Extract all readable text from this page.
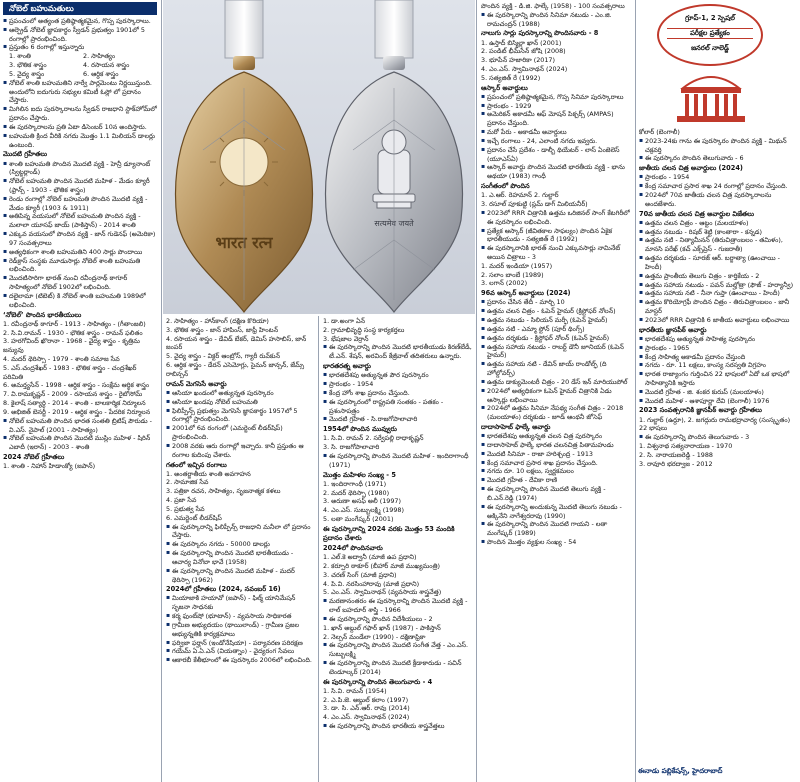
నోబెల్ బహుమతులు
▪ ప్రపంచంలో అత్యంత ప్రతిష్ఠాత్మకమైన, గొప్ప పురస్కారాలు.
▪ ఆల్ఫ్రెడ్ నోబెల్ జ్ఞాపకార్థం స్వీడన్ ప్రభుత్వం 1901లో 5 రంగాల్లో ప్రారంభించింది.
▪ ప్రస్తుతం 6 రంగాల్లో ఇస్తున్నారు
1. శాంతి	2. సాహిత్యం
3. భౌతిక శాస్త్రం	4. రసాయన శాస్త్రం
5. వైద్య శాస్త్రం	6. ఆర్థిక శాస్త్రం
▪ నోబెల్ శాంతి బహుమతిని నార్వే పార్లమెంటు నిర్ణయిస్తుంది. అందులోని ఐదుగురు సభ్యుల కమిటీ ఓస్లో లో ప్రదానం చేస్తారు.
▪ మిగిలిన ఐదు పురస్కారాలను స్వీడన్ రాజధాని స్టాక్‌హోమ్‌లో ప్రదానం చేస్తారు.
▪ ఈ పురస్కారాలను ప్రతి ఏటా డిసెంబర్ 10న అందిస్తారు.
▪ బహుమతి క్రింద వీరికి నగదు మొత్తం 1.1 మిలియన్ డాలర్లు ఉంటుంది.
మొదటి గ్రహీతలు
▪ శాంతి బహుమతి పొందిన మొదటి వ్యక్తి - హెన్రీ డ్యూనాంట్ (స్విట్జర్లాండ్)
▪ నోబెల్ బహుమతి పొందిన మొదటి మహిళ - మేడం క్యూరీ (ఫ్రాన్స్ - 1903 - భౌతిక శాస్త్రం)
▪ రెండు రంగాల్లో నోబెల్ బహుమతి పొందిన మొదటి వ్యక్తి - మేడం క్యూరీ (1903 & 1911)
▪ అతిపిన్న వయసులో నోబెల్ బహుమతి పొందిన వ్యక్తి - మలాలా యూసఫ్ జాయ్ (పాకిస్తాన్) - 2014 శాంతి
▪ ఎక్కువ వయసులో పొందిన వ్యక్తి - జాన్ గుడెనఫ్ (అమెరికా) 97 సంవత్సరాలు
▪ అత్యధికంగా శాంతి బహుమతిని 400 సార్లు పొందాయి
▪ రెడ్‌క్రాస్ సంస్థకు మూడుసార్లు నోబెల్ శాంతి బహుమతి లభించింది.
▪ మొదటిసారిగా భారత్ నుంచి రవీంద్రనాథ్ ఠాగూర్ సాహిత్యంలో నోబెల్ 1902లో లభించింది.
▪ దలైలామా (టిబెట్) కి నోబెల్ శాంతి బహుమతి 1989లో లభించింది.
‘నోబెల్’ పొందిన భారతీయులు
1. రవీంద్రనాథ్ ఠాగూర్ - 1913 - సాహిత్యం - (గీతాంజలి)
2. సి.వి.రామన్ - 1930 - భౌతిక శాస్త్రం - రామన్ ఫలితం
3. హరగోవింద్ ఖొరానా - 1968 - వైద్య శాస్త్రం - కృత్రిమ జన్యువు
4. మదర్ థెరిస్సా - 1979 - శాంతి సమాజ సేవ
5. ఎస్.చంద్రశేఖర్ - 1983 - భౌతిక శాస్త్రం - చంద్రశేఖర్ పరిమితి
6. అమర్త్యసేన్ - 1998 - ఆర్థిక శాస్త్రం - సంక్షేమ ఆర్థిక శాస్త్రం
7. వి.రామకృష్ణన్ - 2009 - రసాయన శాస్త్రం - రైబోసోమ్
8. కైలాష్ సత్యార్థి - 2014 - శాంతి - బాలకార్మిక నిర్మూలన
9. అభిజిత్ బెనర్జీ - 2019 - ఆర్థిక శాస్త్రం - పేదరిక నిర్మూలన
▪ నోబెల్ బహుమతి పొందిన భారత సంతతి బ్రిటిష్ పౌరుడు - వి.ఎస్. నైపాల్ (2001 - సాహిత్యం)
▪ నోబెల్ బహుమతి పొందిన మొదటి ముస్లిం మహిళ - షిరిన్ ఎబాదీ (ఇరాన్) - 2003 - శాంతి
2024 నోబెల్ గ్రహీతలు
1. శాంతి - నిహాన్ హిడాంక్యో (జపాన్)
भारत रत्न
सत्यमेव जयते
2. సాహిత్యం - హాన్‌కాంగ్ (దక్షిణ కొరియా)
3. భౌతిక శాస్త్రం - జాన్ హాపింస్, జాఫ్రీ హింటన్
4. రసాయన శాస్త్రం - డేవిడ్ బేకర్, డెమిస్ హసాబిస్, జాన్ జంపర్
5. వైద్య శాస్త్రం - విక్టర్ ఆంబ్రోస్, గ్యారీ రువ్‌కున్
6. ఆర్థిక శాస్త్రం - డేరన్ ఎసెమోగ్లు, సైమన్ జాన్సన్, జేమ్స్ రాబిన్సన్
రామన్ మెగసెసే అవార్డు
▪ ఆసియా ఖండంలో అత్యున్నత పురస్కారం
▪ ఆసియా ఖండపు నోబెల్ బహుమతి
▪ ఫిలిప్పీన్స్ ప్రభుత్వం మెగసెసే జ్ఞాపకార్థం 1957లో 5 రంగాల్లో ప్రారంభించింది.
▪ 2001లో 6వ రంగంలో (ఎమర్జెంట్ లీడర్‌షిప్) ప్రారంభించింది.
▪ 2008 వరకు ఆరు రంగాల్లో ఇచ్చారు. కానీ ప్రస్తుతం ఆ రంగాల కుదింపు చేశారు.
గతంలో ఇచ్చిన రంగాలు
1. అంతర్జాతీయ శాంతి అవగాహన
2. సామాజిక సేవ
3. పత్రికా రచన, సాహిత్యం, సృజనాత్మక కళలు
4. ప్రజా సేవ
5. ప్రభుత్వ సేవ
6. ఎమర్జెంట్ లీడర్‌షిప్
▪ ఈ పురస్కారాన్ని ఫిలిప్పీన్స్ రాజధాని మనీలా లో ప్రదానం చేస్తారు.
▪ ఈ పురస్కారం నగదు - 50000 డాలర్లు
▪ ఈ పురస్కారాన్ని పొందిన మొదటి భారతీయుడు - ఆచార్య వినోబా భావే (1958)
▪ ఈ పురస్కారాన్ని పొందిన మొదటి మహిళ - మదర్ థెరిస్సా (1962)
2024లో గ్రహీతలు (2024, నవంబర్ 16)
▪ మియాజాకి హయావో (జపాన్) - ఫిల్మ్ యానిమేషన్ సృజనా సాధనకు
▪ కర్మ ఫుంట్‌షో (భూటాన్) - వ్యవసాయ సాధికారత
▪ గ్రామీణ అభ్యుదయం (థాయిలాండ్) - గ్రామీణ ప్రజల అభ్యున్నతికి కార్యక్రమాలు
▪ ఫర్విజా ఫర్హాన్ (ఇండోనేషియా) - పర్యావరణ పరిరక్షణ
▪ గయేమ్ ఏ.ఏ.ఎన్ (వియత్నాం) - వైద్యరంగ సేవలు
▪ ఆకారబీ కేతీభూంలో ఈ పురస్కారం 2006లో లభించింది.
1. డా.అంగా ఏన్
2. గ్రామాభివృద్ధి సంస్థ కార్యకర్తలు
3. భేషజాల వెర్రాన్
▪ ఈ పురస్కారాన్ని పొందిన మొదటి భారతీయుడు కిరణ్‌బేడీ, టీ.ఎన్. శేషన్, అరవింద్ కేజ్రీవాల్ తదితరులు ఉన్నారు.
భారతరత్న అవార్డు
▪ భారతదేశపు అత్యున్నత పౌర పురస్కారం
▪ ప్రారంభం - 1954
▪ కేంద్ర హోం శాఖ ప్రదానం చేస్తుంది.
▪ ఈ పురస్కారంలో రాష్ట్రపతి సంతకం - పతకం - ప్రశంసాపత్రం
▪ మొదటి గ్రహీత - సి.రాజగోపాలాచారి
1954లో పొందిన మువ్వురు
1. సి.వి. రామన్ 2. సర్వేపల్లి రాధాకృష్ణన్
3. సి. రాజగోపాలాచారి
▪ ఈ పురస్కారాన్ని పొందిన మొదటి మహిళ - ఇందిరాగాంధీ (1971)
మొత్తం మహిళల సంఖ్య - 5
1. ఇందిరాగాంధీ (1971)
2. మదర్ థెరిస్సా (1980)
3. అరుణా అసఫ్ అలీ (1997)
4. ఎం.ఎస్. సుబ్బులక్ష్మి (1998)
5. లతా మంగేష్కర్ (2001)
ఈ పురస్కారాన్ని 2024 వరకు మొత్తం 53 మందికి ప్రదానం చేశారు
2024లో పొందినవారు
1. ఎల్.కె అద్వానీ (మాజీ ఉప ప్రధాని)
2. కర్పూరి ఠాకూర్ (బీహార్ మాజీ ముఖ్యమంత్రి)
3. చరణ్ సింగ్ (మాజీ ప్రధాని)
4. పి.వి. నరసింహారావు (మాజీ ప్రధాని)
5. ఎం.ఎస్. స్వామినాథన్ (వ్యవసాయ శాస్త్రవేత్త)
▪ మరణానంతరం ఈ పురస్కారాన్ని పొందిన మొదటి వ్యక్తి - లాల్ బహదూర్ శాస్త్రి - 1966
▪ ఈ పురస్కారాన్ని పొందిన విదేశీయులు - 2
1. ఖాన్ అబ్దుల్ గఫార్ ఖాన్ (1987) - పాకిస్తాన్
2. నెల్సన్ మండేలా (1990) - దక్షిణాఫ్రికా
▪ ఈ పురస్కారాన్ని పొందిన మొదటి సంగీత వేత్త - ఎం.ఎస్. సుబ్బులక్ష్మి
▪ ఈ పురస్కారాన్ని పొందిన మొదటి క్రీడాకారుడు - సచిన్ టెండూల్కర్ (2014)
ఈ పురస్కారాన్ని పొందిన తెలుగువారు - 4
1. సి.వి. రామన్ (1954)
2. ఎ.పి.జె. అబ్దుల్ కలాం (1997)
3. డా. సి. ఎన్.ఆర్. రావు (2014)
4. ఎం.ఎస్. స్వామినాథన్ (2024)
▪ ఈ పురస్కారాన్ని పొందిన భారతీయ శాస్త్రవేత్తలు
పొందిన వ్యక్తి - డి.జి. ఫాల్కే (1958) - 100 సంవత్సరాలు
▪ ఈ పురస్కారాన్ని పొందిన సినిమా నటుడు - ఎం.జి. రామచంద్రన్ (1988)
నాలుగు సార్లు పురస్కారాన్ని పొందినవారు - 8
1. ఉస్తాద్ బిస్మిల్లా ఖాన్ (2001)
2. పండిట్ భీమ్‌సేన్ జోషి (2008)
3. భూపేన్ హజారికా (2017)
4. ఎం.ఎస్. స్వామినాథన్ (2024)
5. సత్యజిత్ రే (1992)
ఆస్కార్ అవార్డులు
▪ ప్రపంచంలో ప్రతిష్ఠాత్మకమైన, గొప్ప సినిమా పురస్కారాలు
▪ ప్రారంభం - 1929
▪ అమెరికన్ అకాడమీ ఆఫ్ మోషన్ పిక్చర్స్ (AMPAS) ప్రదానం చేస్తుంది.
▪ మరో పేరు - అకాడమీ అవార్డులు
▪ ఇచ్చే రంగాలు - 24, ఎలాంటి నగదు ఇవ్వరు.
▪ ప్రదానం చేసే ప్రదేశం - డాల్బీ థియేటర్ - లాస్ ఏంజెలెస్ (యూఎస్ఏ)
▪ ఆస్కార్ అవార్డు పొందిన మొదటి భారతీయ వ్యక్తి - భాను అథయా (1983) గాంధీ
సంగీతంలో పొందిన
1. ఎ.ఆర్. రెహమాన్ 2. గుల్జార్
3. రసూల్ పూకుట్టి (స్లమ్ డాగ్ మిలియనీర్)
▪ 2023లో RRR చిత్రానికి ఉత్తమ ఒరిజినల్ సాంగ్ కేటగిరీలో ఈ పురస్కారం లభించింది.
▪ ప్రత్యేక ఆస్కార్ (జీవితకాల సాఫల్యం) పొందిన ఏకైక భారతీయుడు - సత్యజిత్ రే (1992)
▪ ఈ పురస్కారానికి భారత్ నుంచి ఎక్కువసార్లు నామినేట్ అయిన చిత్రాలు - 3
1. మదర్ ఇండియా (1957)
2. సలాం బాంబే (1989)
3. లగాన్ (2002)
96వ ఆస్కార్ అవార్డులు (2024)
▪ ప్రదానం చేసిన తేదీ - మార్చి 10
▪ ఉత్తమ చలన చిత్రం - ఓపెన్ హైమర్ (క్రిస్టోఫర్ నోలన్)
▪ ఉత్తమ నటుడు - సిలియన్ మర్ఫీ (ఓపెన్ హైమర్)
▪ ఉత్తమ నటి - ఎమ్మా స్టోన్ (పూర్ థింగ్స్)
▪ ఉత్తమ దర్శకుడు - క్రిస్టోఫర్ నోలన్ (ఓపెన్ హైమర్)
▪ ఉత్తమ సహాయ నటుడు - రాబర్ట్ డౌనీ జూనియర్ (ఓపెన్ హైమర్)
▪ ఉత్తమ సహాయ నటి - డేవిన్ జాయ్ రాండోల్ఫ్ (ది హోల్డోవర్స్)
▪ ఉత్తమ డాక్యుమెంటరీ చిత్రం - 20 డేస్ ఇన్ మారియుపోల్
▪ 2024లో అత్యధికంగా ఓపెన్ హైమర్ చిత్రానికి ఏడు ఆస్కార్లు లభించాయి
▪ 2024లో ఉత్తమ సినిమా నేపథ్య సంగీత చిత్రం - 2018 (మలయాళం) దర్శకుడు - జూడ్ ఆంథనీ జోసెఫ్
దాదాసాహెబ్ ఫాల్కే అవార్డు
▪ భారతదేశపు అత్యున్నత చలన చిత్ర పురస్కారం
▪ దాదాసాహెబ్ ఫాల్కే భారత చలనచిత్ర పితామహుడు
▪ మొదటి సినిమా - రాజా హరిశ్చంద్ర - 1913
▪ కేంద్ర సమాచార ప్రసార శాఖ ప్రదానం చేస్తుంది.
▪ నగదు రూ. 10 లక్షలు, స్వర్ణకమలం
▪ మొదటి గ్రహీత - దేవికా రాణి
▪ ఈ పురస్కారాన్ని పొందిన మొదటి తెలుగు వ్యక్తి - బి.ఎన్.రెడ్డి (1974)
▪ ఈ పురస్కారాన్ని అందుకున్న మొదటి తెలుగు నటుడు - అక్కినేని నాగేశ్వరరావు (1990)
▪ ఈ పురస్కారాన్ని పొందిన మొదటి గాయని - లతా మంగేష్కర్ (1989)
▪ పొందిన మొత్తం వ్యక్తుల సంఖ్య - 54
గ్రూప్-1, 2 స్పెషల్
పరీక్షల ప్రత్యేకం
జనరల్ నాలెడ్జ్
కోలార్ (బెంగాలీ)
▪ 2023-24కు గాను ఈ పురస్కారం పొందిన వ్యక్తి - మిథున్ చక్రవర్తి
▪ ఈ పురస్కారం పొందిన తెలుగువారు - 6
జాతీయ చలన చిత్ర అవార్డులు (2024)
▪ ప్రారంభం - 1954
▪ కేంద్ర సమాచార ప్రసార శాఖ 24 రంగాల్లో ప్రదానం చేస్తుంది.
▪ 2024లో 70వ జాతీయ చలన చిత్ర పురస్కారాలను అందజేశారు.
70వ జాతీయ చలన చిత్ర అవార్డుల విజేతలు
▪ ఉత్తమ చలన చిత్రం - ఆట్టం (మలయాళం)
▪ ఉత్తమ నటుడు - రిషబ్ శెట్టి (కాంతారా - కన్నడ)
▪ ఉత్తమ నటి - నిత్యామీనన్ (తిరుచిత్రాంబలం - తమిళం), మానసి పరేఖ్ (కచ్ ఎక్స్‌ప్రెస్ - గుజరాతీ)
▪ ఉత్తమ దర్శకుడు - సూరజ్ ఆర్. బర్జాత్యా (ఊంచాయి - హిందీ)
▪ ఉత్తమ ప్రాంతీయ తెలుగు చిత్రం - కార్తికేయ - 2
▪ ఉత్తమ సహాయ నటుడు - పవన్ మల్హోత్రా (ఫౌజ్ - హర్యాన్వీ)
▪ ఉత్తమ సహాయ నటి - నీనా గుప్తా (ఊంచాయి - హిందీ)
▪ ఉత్తమ కొరియోగ్రఫీ పొందిన చిత్రం - తిరుచిత్రాంబలం - జానీ మాస్టర్
▪ 2023లో RRR చిత్రానికి 6 జాతీయ అవార్డులు లభించాయి
భారతీయ జ్ఞానపీఠ్ అవార్డు
▪ భారతదేశపు అత్యున్నత సాహిత్య పురస్కారం
▪ ప్రారంభం - 1965
▪ కేంద్ర సాహిత్య అకాడమీ ప్రదానం చేస్తుంది
▪ నగదు - రూ. 11 లక్షలు, కాంస్య సరస్వతి విగ్రహం
▪ భారత రాజ్యాంగం గుర్తించిన 22 భాషలలో ఏదో ఒక భాషలో సాహిత్యానికి ఇస్తారు
▪ మొదటి గ్రహీత - జి. శంకర కురుప్ (మలయాళం)
▪ మొదటి మహిళ - ఆశాపూర్ణా దేవి (బెంగాలీ) 1976
2023 సంవత్సరానికి జ్ఞానపీఠ్ అవార్డు గ్రహీతలు
1. గుల్జార్ (ఉర్దూ), 2. జగద్గురు రామభద్రాచార్య (సంస్కృతం) 22 భాషలు
▪ ఈ పురస్కారాన్ని పొందిన తెలుగువారు - 3
1. విశ్వనాథ సత్యనారాయణ - 1970
2. సి. నారాయణరెడ్డి - 1988
3. రావూరి భరద్వాజ - 2012
ఈనాడు పబ్లికేషన్స్, హైదరాబాద్
